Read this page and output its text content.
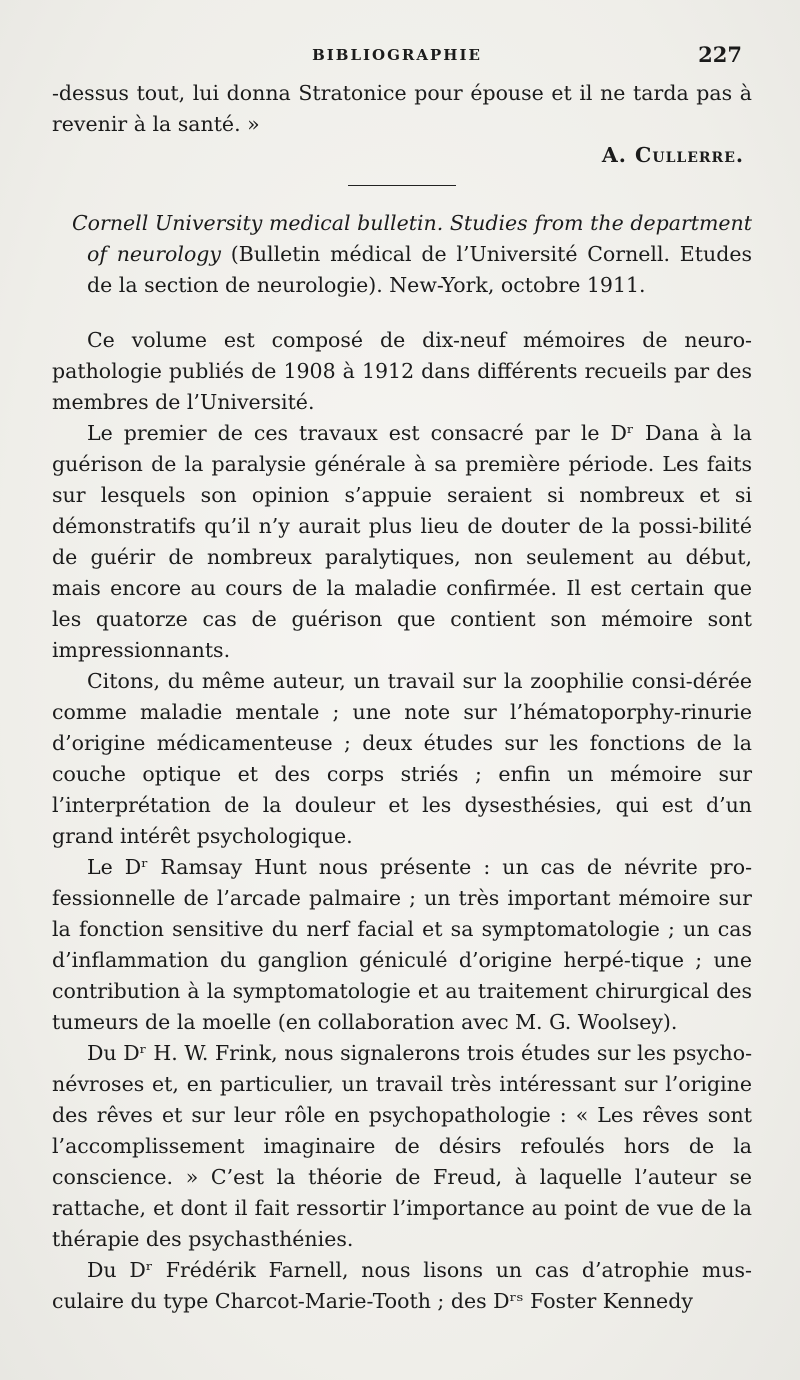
BIBLIOGRAPHIE	227

-dessus tout, lui donna Stratonice pour épouse et il ne tarda pas à revenir à la santé. »

A. Cullerre.

Cornell University medical bulletin. Studies from the department of neurology (Bulletin médical de l’Université Cornell. Etudes de la section de neurologie). New-York, octobre 1911.

Ce volume est composé de dix-neuf mémoires de neuro-pathologie publiés de 1908 à 1912 dans différents recueils par des membres de l’Université.

Le premier de ces travaux est consacré par le Dʳ Dana à la guérison de la paralysie générale à sa première période. Les faits sur lesquels son opinion s’appuie seraient si nombreux et si démonstratifs qu’il n’y aurait plus lieu de douter de la possi-bilité de guérir de nombreux paralytiques, non seulement au début, mais encore au cours de la maladie confirmée. Il est certain que les quatorze cas de guérison que contient son mémoire sont impressionnants.

Citons, du même auteur, un travail sur la zoophilie consi-dérée comme maladie mentale ; une note sur l’hématoporphy-rinurie d’origine médicamenteuse ; deux études sur les fonctions de la couche optique et des corps striés ; enfin un mémoire sur l’interprétation de la douleur et les dysesthésies, qui est d’un grand intérêt psychologique.

Le Dʳ Ramsay Hunt nous présente : un cas de névrite pro-fessionnelle de l’arcade palmaire ; un très important mémoire sur la fonction sensitive du nerf facial et sa symptomatologie ; un cas d’inflammation du ganglion géniculé d’origine herpé-tique ; une contribution à la symptomatologie et au traitement chirurgical des tumeurs de la moelle (en collaboration avec M. G. Woolsey).

Du Dʳ H. W. Frink, nous signalerons trois études sur les psycho-névroses et, en particulier, un travail très intéressant sur l’origine des rêves et sur leur rôle en psychopathologie : « Les rêves sont l’accomplissement imaginaire de désirs refoulés hors de la conscience. » C’est la théorie de Freud, à laquelle l’auteur se rattache, et dont il fait ressortir l’importance au point de vue de la thérapie des psychasthénies.

Du Dʳ Frédérik Farnell, nous lisons un cas d’atrophie mus-culaire du type Charcot-Marie-Tooth ; des Dʳˢ Foster Kennedy
